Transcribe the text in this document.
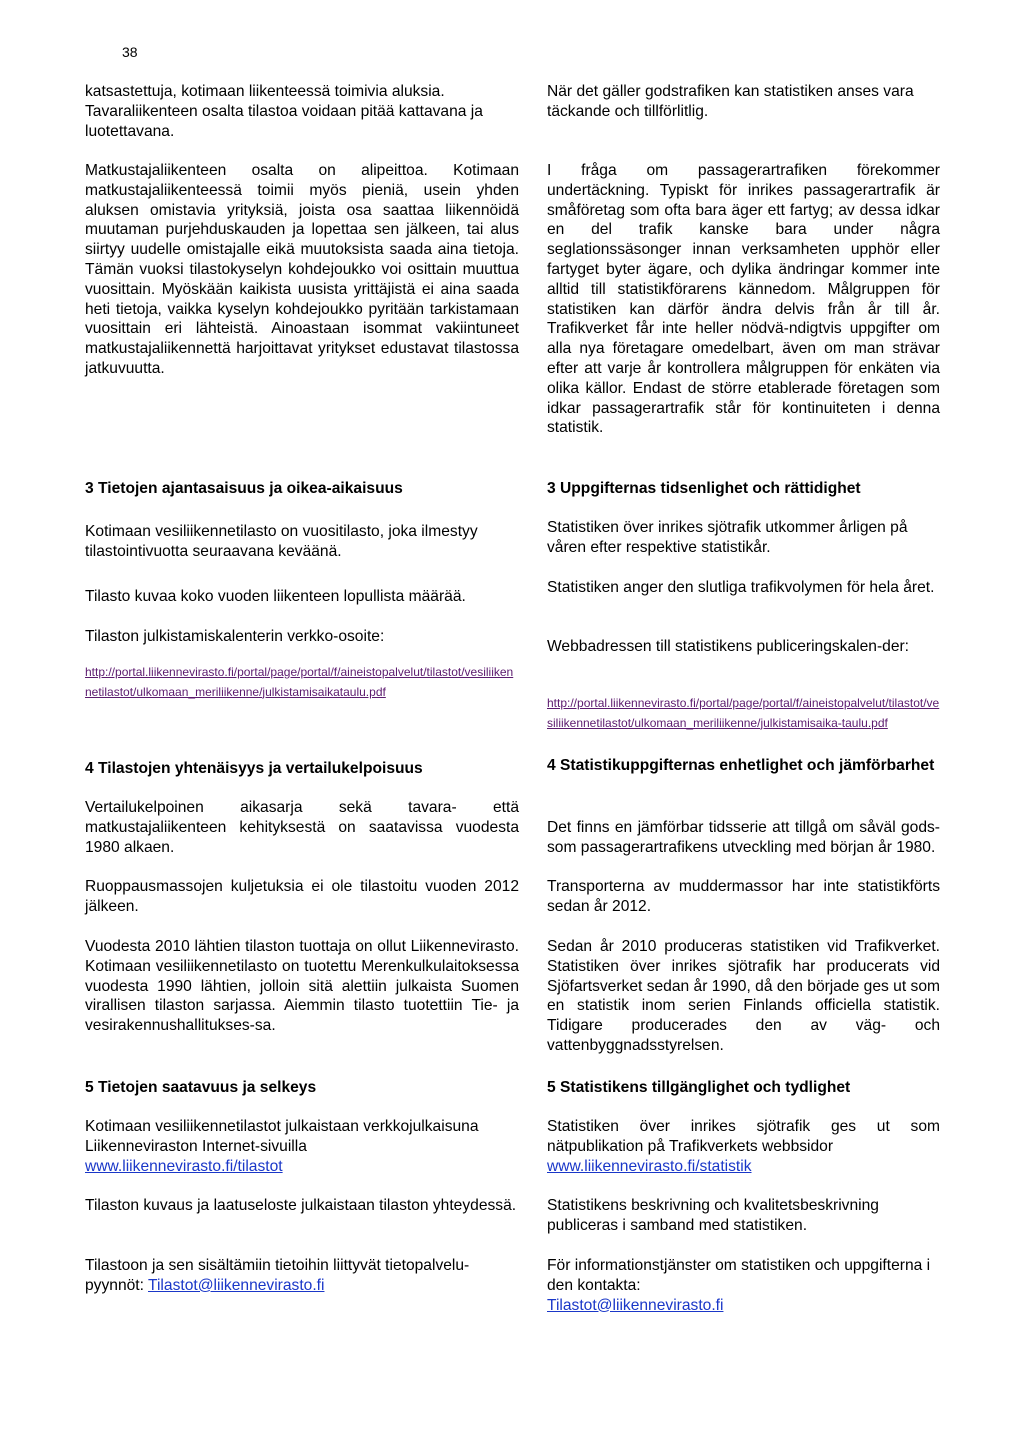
38

katsastettuja, kotimaan liikenteessä toimivia aluksia. Tavaraliikenteen osalta tilastoa voidaan pitää kattavana ja luotettavana.

Matkustajaliikenteen osalta on alipeittoa. Kotimaan matkustajaliikenteessä toimii myös pieniä, usein yhden aluksen omistavia yrityksiä, joista osa saattaa liikennöidä muutaman purjehduskauden ja lopettaa sen jälkeen, tai alus siirtyy uudelle omistajalle eikä muutoksista saada aina tietoja. Tämän vuoksi tilastokyselyn kohdejoukko voi osittain muuttua vuosittain. Myöskään kaikista uusista yrittäjistä ei aina saada heti tietoja, vaikka kyselyn kohdejoukko pyritään tarkistamaan vuosittain eri lähteistä. Ainoastaan isommat vakiintuneet matkustajaliikennettä harjoittavat yritykset edustavat tilastossa jatkuvuutta.

3 Tietojen ajantasaisuus ja oikea-aikaisuus

Kotimaan vesiliikennetilasto on vuositilasto, joka ilmestyy tilastointivuotta seuraavana keväänä.

Tilasto kuvaa koko vuoden liikenteen lopullista määrää.

Tilaston julkistamiskalenterin verkko-osoite:

http://portal.liikennevirasto.fi/portal/page/portal/f/aineistopalvelut/tilastot/vesiliikennetilastot/ulkomaan_meriliikenne/julkistamisaikataulu.pdf
4 Tilastojen yhtenäisyys ja vertailukelpoisuus

Vertailukelpoinen aikasarja sekä tavara- että matkustajaliikenteen kehityksestä on saatavissa vuodesta 1980 alkaen.

Ruoppausmassojen kuljetuksia ei ole tilastoitu vuoden 2012 jälkeen.

Vuodesta 2010 lähtien tilaston tuottaja on ollut Liikennevirasto. Kotimaan vesiliikennetilasto on tuotettu Merenkulkulaitoksessa vuodesta 1990 lähtien, jolloin sitä alettiin julkaista Suomen virallisen tilaston sarjassa. Aiemmin tilasto tuotettiin Tie- ja vesirakennushallitukses-sa.

5 Tietojen saatavuus ja selkeys

Kotimaan vesiliikennetilastot julkaistaan verkkojulkaisuna Liikenneviraston Internet-sivuilla

www.liikennevirasto.fi/tilastot

Tilaston kuvaus ja laatuseloste julkaistaan tilaston yhteydessä.

Tilastoon ja sen sisältämiin tietoihin liittyvät tietopalvelu-pyynnöt: Tilastot@liikennevirasto.fi

När det gäller godstrafiken kan statistiken anses vara täckande och tillförlitlig.

I fråga om passagerartrafiken förekommer undertäckning. Typiskt för inrikes passagerartrafik är småföretag som ofta bara äger ett fartyg; av dessa idkar en del trafik kanske bara under några seglationssäsonger innan verksamheten upphör eller fartyget byter ägare, och dylika ändringar kommer inte alltid till statistikförarens kännedom. Målgruppen för statistiken kan därför ändra delvis från år till år. Trafikverket får inte heller nödvä-ndigtvis uppgifter om alla nya företagare omedelbart, även om man strävar efter att varje år kontrollera målgruppen för enkäten via olika källor. Endast de större etablerade företagen som idkar passagerartrafik står för kontinuiteten i denna statistik.

3 Uppgifternas tidsenlighet och rättidighet

Statistiken över inrikes sjötrafik utkommer årligen på våren efter respektive statistikår.

Statistiken anger den slutliga trafikvolymen för hela året.

Webbadressen till statistikens publiceringskalen-der:

http://portal.liikennevirasto.fi/portal/page/portal/f/aineistopalvelut/tilastot/vesiliikennetilastot/ulkomaan_meriliikenne/julkistamisaika-taulu.pdf
4 Statistikuppgifternas enhetlighet och jämförbarhet

Det finns en jämförbar tidsserie att tillgå om såväl gods- som passagerartrafikens utveckling med början år 1980.

Transporterna av muddermassor har inte statistikförts sedan år 2012.

Sedan år 2010 produceras statistiken vid Trafikverket. Statistiken över inrikes sjötrafik har producerats vid Sjöfartsverket sedan år 1990, då den började ges ut som en statistik inom serien Finlands officiella statistik. Tidigare producerades den av väg- och vattenbyggnadsstyrelsen.

5 Statistikens tillgänglighet och tydlighet

Statistiken över inrikes sjötrafik ges ut som nätpublikation på Trafikverkets webbsidor

www.liikennevirasto.fi/statistik

Statistikens beskrivning och kvalitetsbeskrivning publiceras i samband med statistiken.

För informationstjänster om statistiken och uppgifterna i den kontakta:

Tilastot@liikennevirasto.fi
